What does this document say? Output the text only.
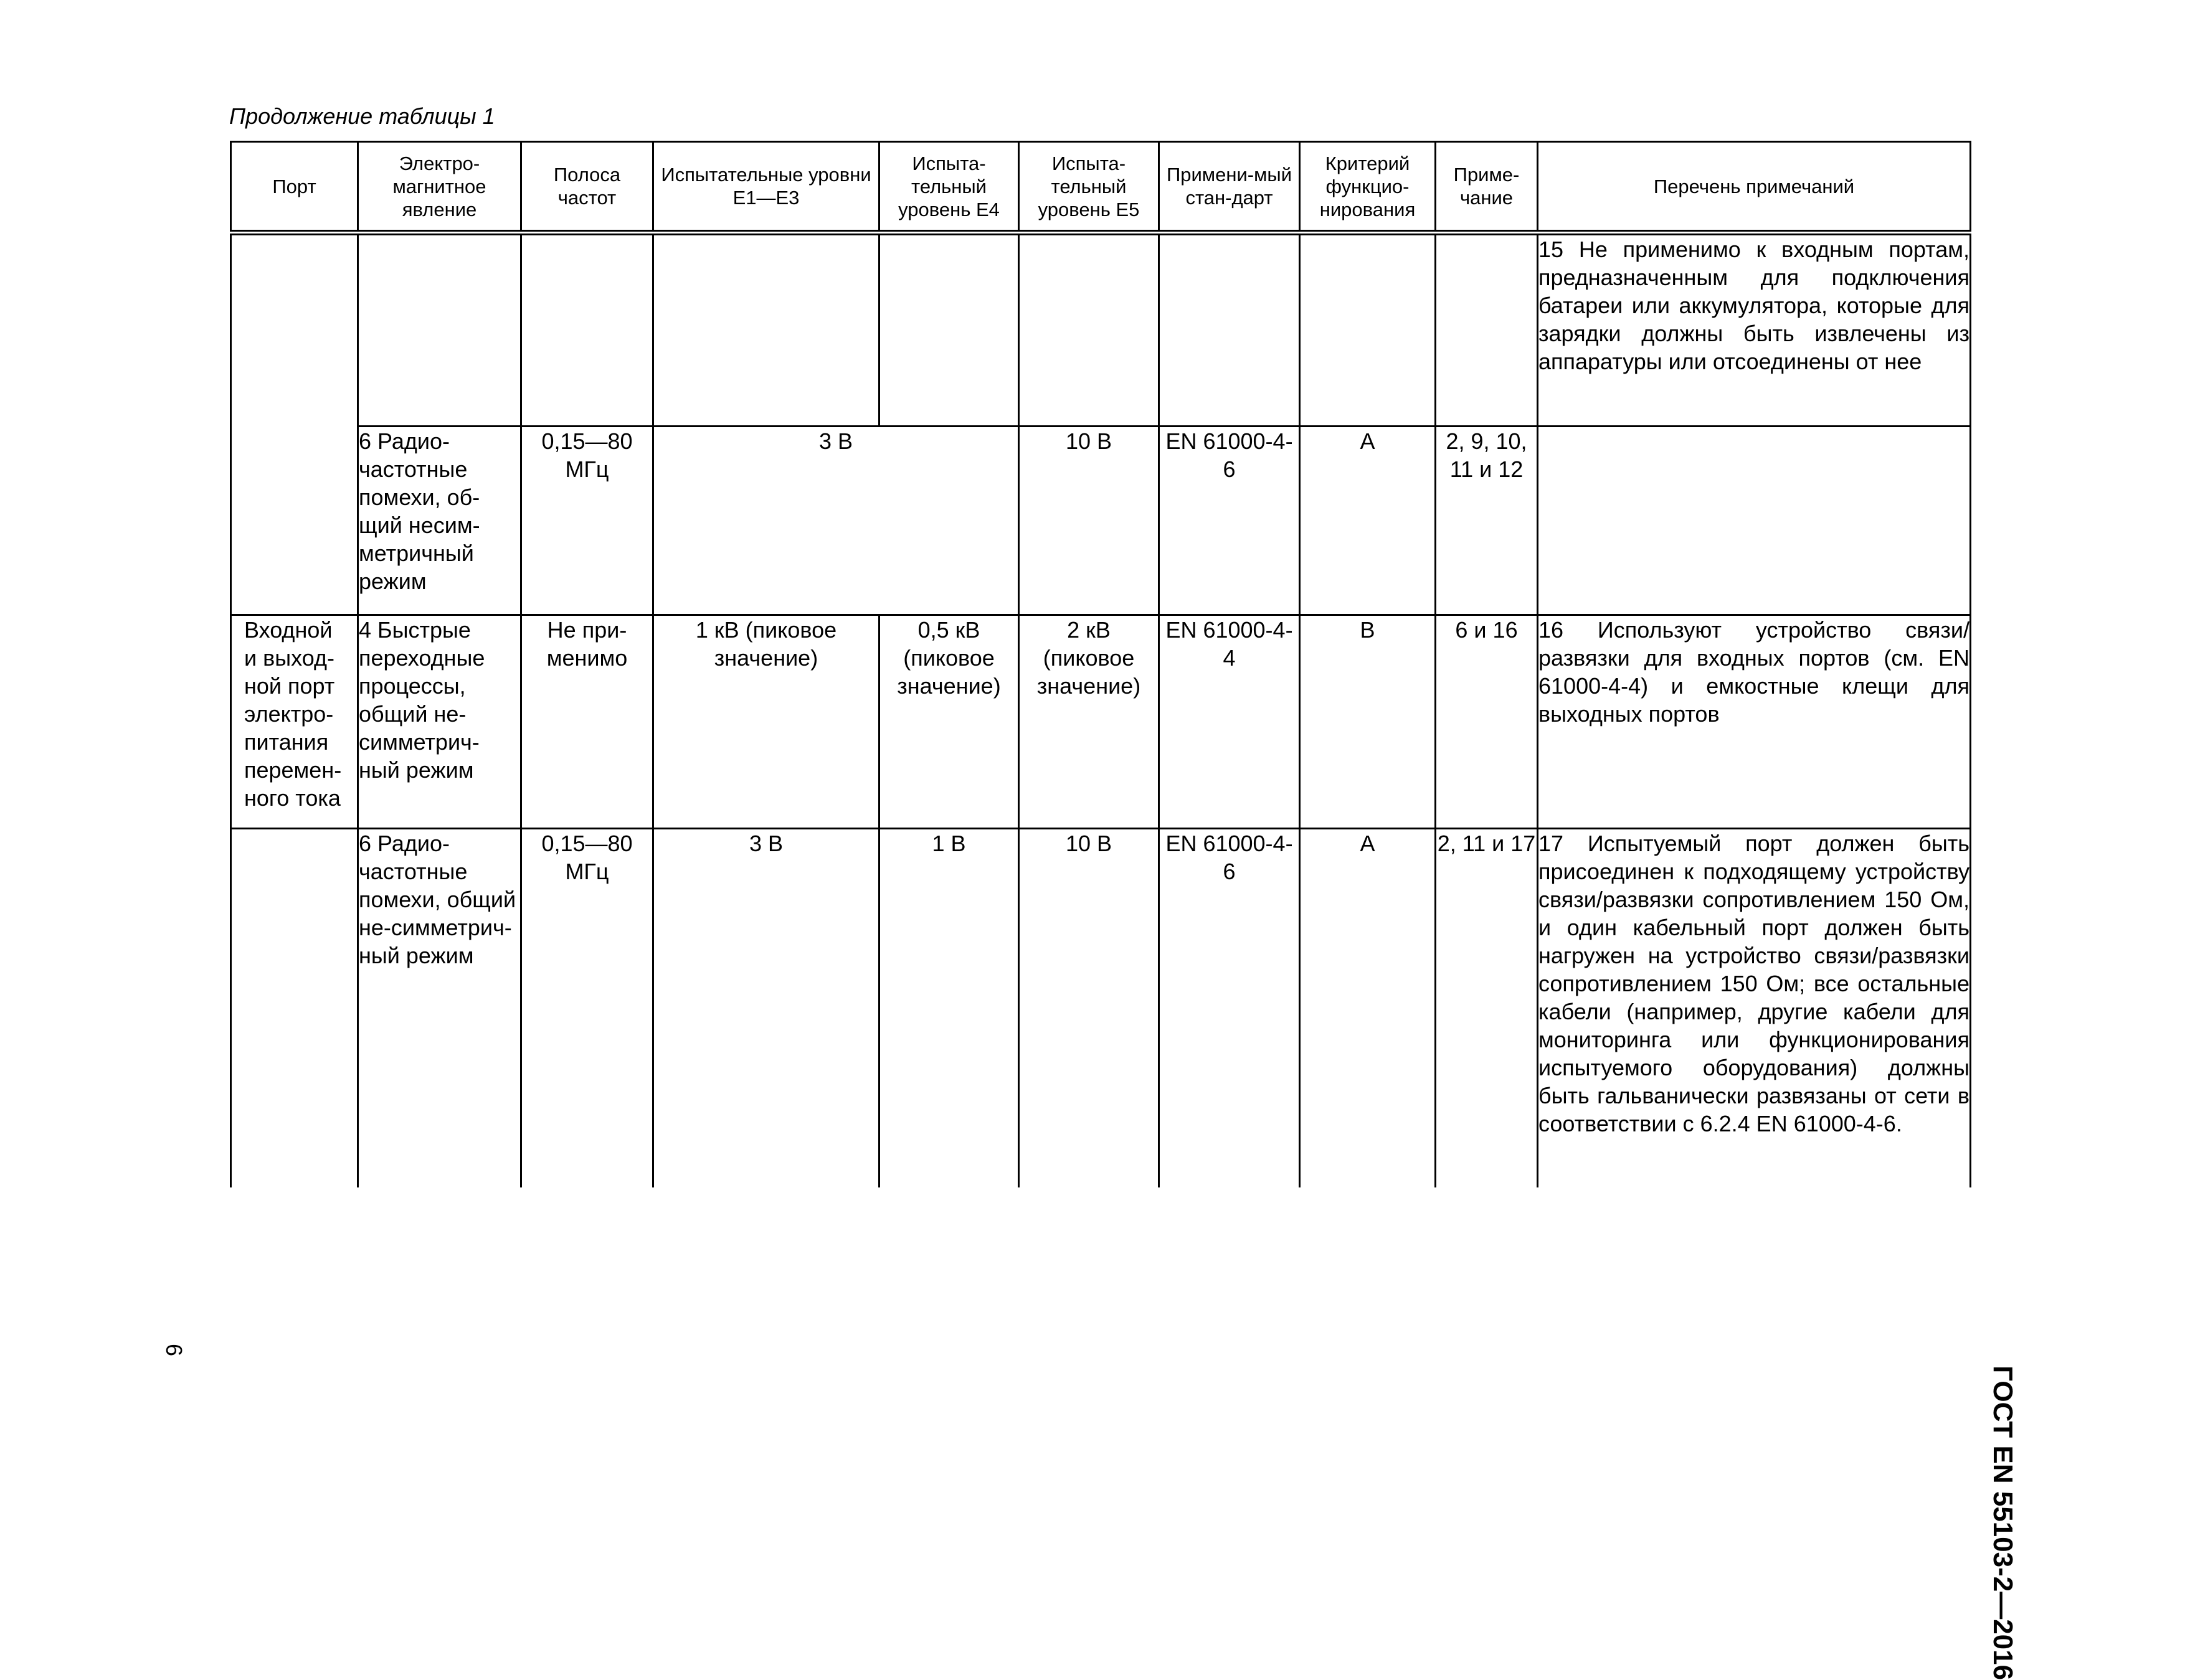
Продолжение таблицы 1
Порт	Электро-магнитное явление	Полоса частот	Испытательные уровни Е1—Е3	Испыта-тельный уровень Е4	Испыта-тельный уровень Е5	Примени-мый стан-дарт	Критерий функцио-нирования	Приме-чание	Перечень примечаний
									15 Не применимо к входным портам, предназначенным для подключения батареи или аккумулятора, которые для зарядки должны быть извлечены из аппаратуры или отсоединены от нее
	6 Радио-частотные помехи, об-щий несим-метричный режим	0,15—80 МГц	3 В		10 В	EN 61000-4-6	А	2, 9, 10, 11 и 12	
Входной и выход-ной порт электро-питания перемен-ного тока	4 Быстрые переходные процессы, общий не-симметрич-ный режим	Не при-менимо	1 кВ (пиковое значение)	0,5 кВ (пиковое значение)	2 кВ (пиковое значение)	EN 61000-4-4	В	6 и 16	16 Используют устройство связи/развязки для входных портов (см. EN 61000-4-4) и емкостные клещи для выходных портов
	6 Радио-частотные помехи, общий не-симметрич-ный режим	0,15—80 МГц	3 В	1 В	10 В	EN 61000-4-6	А	2, 11 и 17	17 Испытуемый порт должен быть присоединен к подходящему устройству связи/развязки сопротивлением 150 Ом, и один кабельный порт должен быть нагружен на устройство связи/развязки сопротивлением 150 Ом; все остальные кабели (например, другие кабели для мониторинга или функционирования испытуемого оборудования) должны быть гальванически развязаны от сети в соответствии с 6.2.4 EN 61000-4-6.
ГОСТ EN 55103-2—2016
6
